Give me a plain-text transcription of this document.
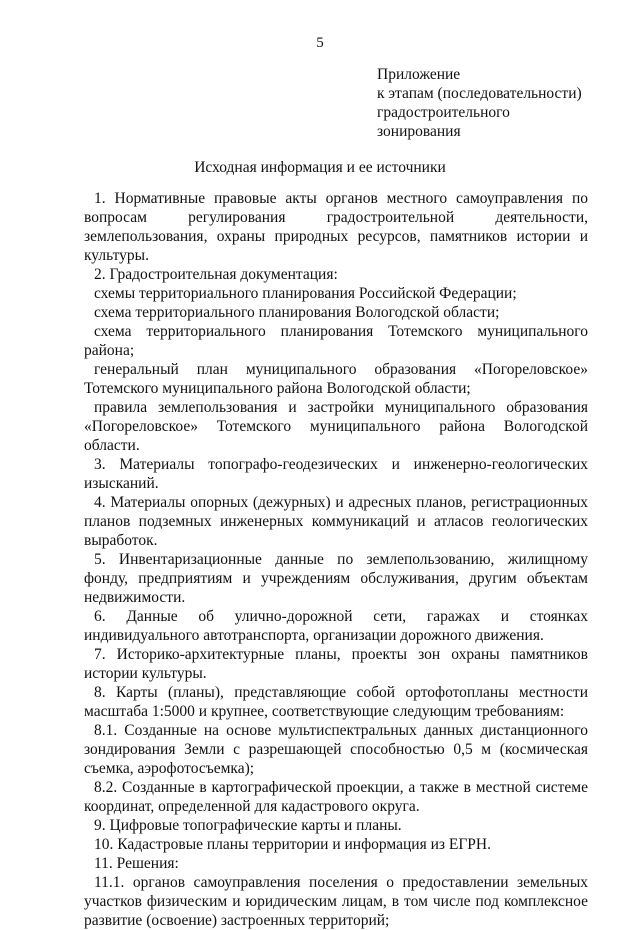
5
Приложение
к этапам (последовательности)
градостроительного
зонирования
Исходная информация и ее источники

1. Нормативные правовые акты органов местного самоуправления по вопросам регулирования градостроительной деятельности, землепользования, охраны природных ресурсов, памятников истории и культуры.

2. Градостроительная документация:

схемы территориального планирования Российской Федерации;

схема территориального планирования Вологодской области;

схема территориального планирования Тотемского муниципального района;

генеральный план муниципального образования «Погореловское» Тотемского муниципального района Вологодской области;

правила землепользования и застройки муниципального образования «Погореловское» Тотемского муниципального района Вологодской области.

3. Материалы топографо-геодезических и инженерно-геологических изысканий.

4. Материалы опорных (дежурных) и адресных планов, регистрационных планов подземных инженерных коммуникаций и атласов геологических выработок.

5. Инвентаризационные данные по землепользованию, жилищному фонду, предприятиям и учреждениям обслуживания, другим объектам недвижимости.

6. Данные об улично-дорожной сети, гаражах и стоянках индивидуального автотранспорта, организации дорожного движения.

7. Историко-архитектурные планы, проекты зон охраны памятников истории культуры.

8. Карты (планы), представляющие собой ортофотопланы местности масштаба 1:5000 и крупнее, соответствующие следующим требованиям:

8.1. Созданные на основе мультиспектральных данных дистанционного зондирования Земли с разрешающей способностью 0,5 м (космическая съемка, аэрофотосъемка);

8.2. Созданные в картографической проекции, а также в местной системе координат, определенной для кадастрового округа.

9. Цифровые топографические карты и планы.

10. Кадастровые планы территории и информация из ЕГРН.

11. Решения:

11.1. органов самоуправления поселения о предоставлении земельных участков физическим и юридическим лицам, в том числе под комплексное развитие (освоение) застроенных территорий;
